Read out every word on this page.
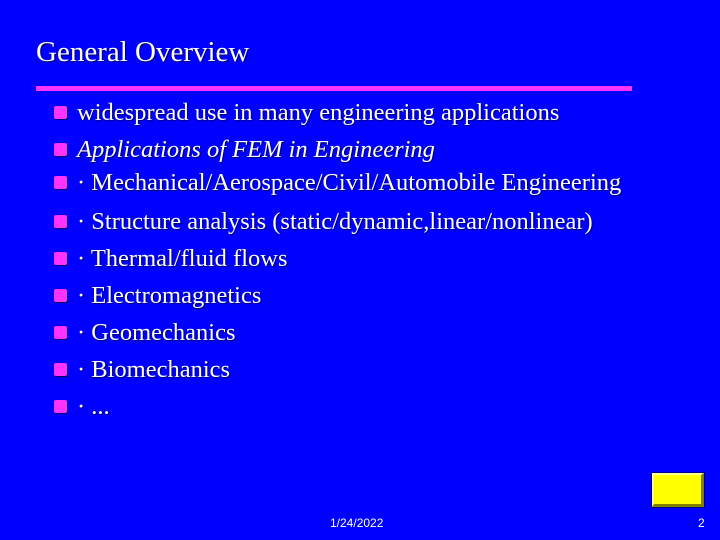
General Overview
widespread use in many engineering applications
Applications of FEM in Engineering
· Mechanical/Aerospace/Civil/Automobile Engineering
· Structure analysis (static/dynamic,linear/nonlinear)
· Thermal/fluid flows
· Electromagnetics
· Geomechanics
· Biomechanics
· ...
1/24/2022	2
